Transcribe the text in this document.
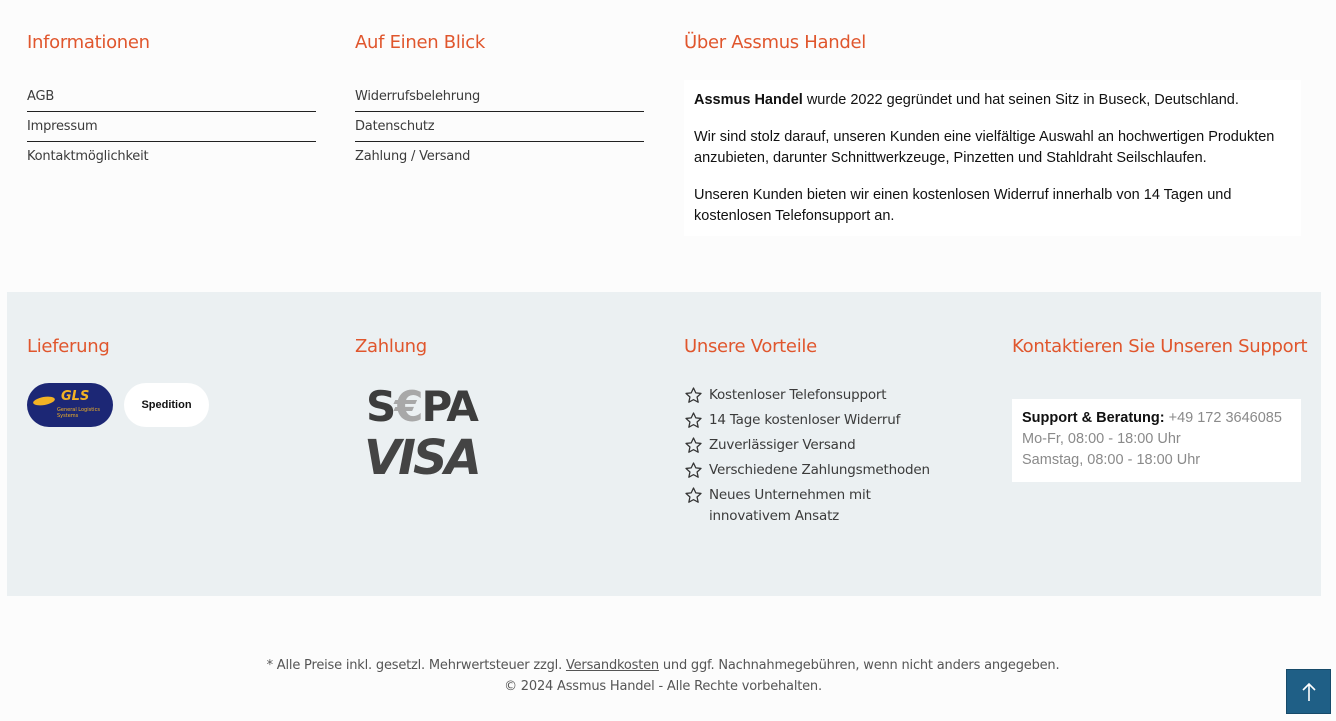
Informationen
AGB
Impressum
Kontaktmöglichkeit
Auf Einen Blick
Widerrufsbelehrung
Datenschutz
Zahlung / Versand
Über Assmus Handel

Assmus Handel wurde 2022 gegründet und hat seinen Sitz in Buseck, Deutschland.

Wir sind stolz darauf, unseren Kunden eine vielfältige Auswahl an hochwertigen Produkten anzubieten, darunter Schnittwerkzeuge, Pinzetten und Stahldraht Seilschlaufen.

Unseren Kunden bieten wir einen kostenlosen Widerruf innerhalb von 14 Tagen und kostenlosen Telefonsupport an.

Lieferung
GLS
General Logistics Systems
Spedition
Zahlung
S€PA
VISA
Unsere Vorteile
Kostenloser Telefonsupport
14 Tage kostenloser Widerruf
Zuverlässiger Versand
Verschiedene Zahlungsmethoden
Neues Unternehmen mit innovativem Ansatz
Kontaktieren Sie Unseren Support
Support & Beratung: +49 172 3646085
Mo-Fr, 08:00 - 18:00 Uhr
Samstag, 08:00 - 18:00 Uhr
* Alle Preise inkl. gesetzl. Mehrwertsteuer zzgl. Versandkosten und ggf. Nachnahmegebühren, wenn nicht anders angegeben.
© 2024 Assmus Handel - Alle Rechte vorbehalten.
